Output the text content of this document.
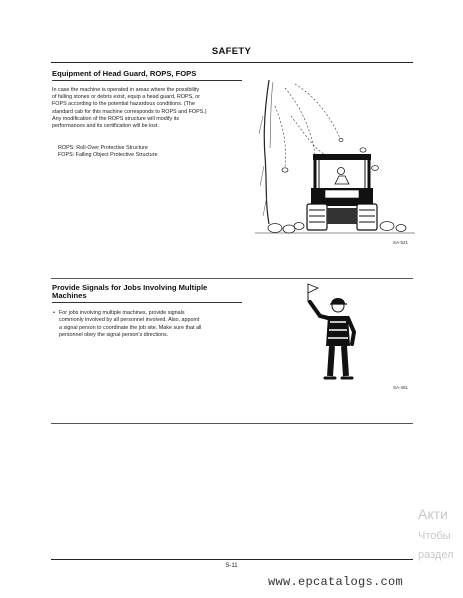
SAFETY
Equipment of Head Guard, ROPS, FOPS

In case the machine is operated in areas where the possibility

of falling stones or debris exist, equip a head guard, ROPS, or

FOPS according to the potential hazardous conditions. (The

standard cab for this machine corresponds to ROPS and FOPS.)

Any modification of the ROPS structure will modify its

performances and its certification will be lost.

ROPS: Roll-Over Protective Structure
FOPS: Falling Object Protective Structure
SA-521
Provide Signals for Jobs Involving Multiple
Machines
• For jobs involving multiple machines, provide signals
commonly involved by all personnel involved. Also, appoint
a signal person to coordinate the job site. Make sure that all
personnel obey the signal person's directions.
SA-481
Акти
Чтобы
раздел
S-11
www.epcatalogs.com
